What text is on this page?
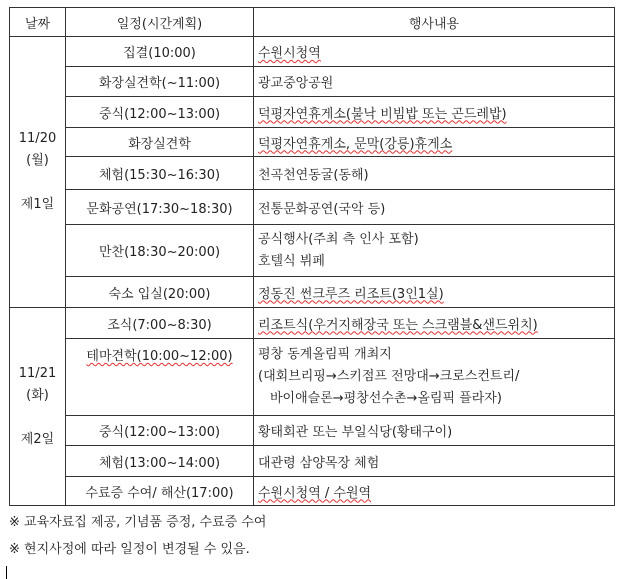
날짜	일정(시간계획)	행사내용

11/20
(월)
제1일	집결(10:00)	수원시청역
	화장실견학(~11:00)	광교중앙공원
	중식(12:00~13:00)	덕평자연휴게소(불낙 비빔밥 또는 곤드레밥)
	화장실견학	덕평자연휴게소, 문막(강릉)휴게소
	체험(15:30~16:30)	천곡천연동굴(동해)
	문화공연(17:30~18:30)	전통문화공연(국악 등)
	만찬(18:30~20:00)	공식행사(주최 측 인사 포함)
호텔식 뷔페

	숙소 입실(20:00)	정동진 썬크루즈 리조트(3인1실)

11/21
(화)
제2일	조식(7:00~8:30)	리조트식(우거지해장국 또는 스크램블&샌드위치)
	테마견학(10:00~12:00)	평창 동계올림픽 개최지
(대회브리핑→스키점프 전망대→크로스컨트리/
바이애슬론→평창선수촌→올림픽 플라자)

	중식(12:00~13:00)	황태회관 또는 부일식당(황태구이)
	체험(13:00~14:00)	대관령 삼양목장 체험
	수료증 수여/ 해산(17:00)	수원시청역 / 수원역
※ 교육자료집 제공, 기념품 증정, 수료증 수여
※ 현지사정에 따라 일정이 변경될 수 있음.
